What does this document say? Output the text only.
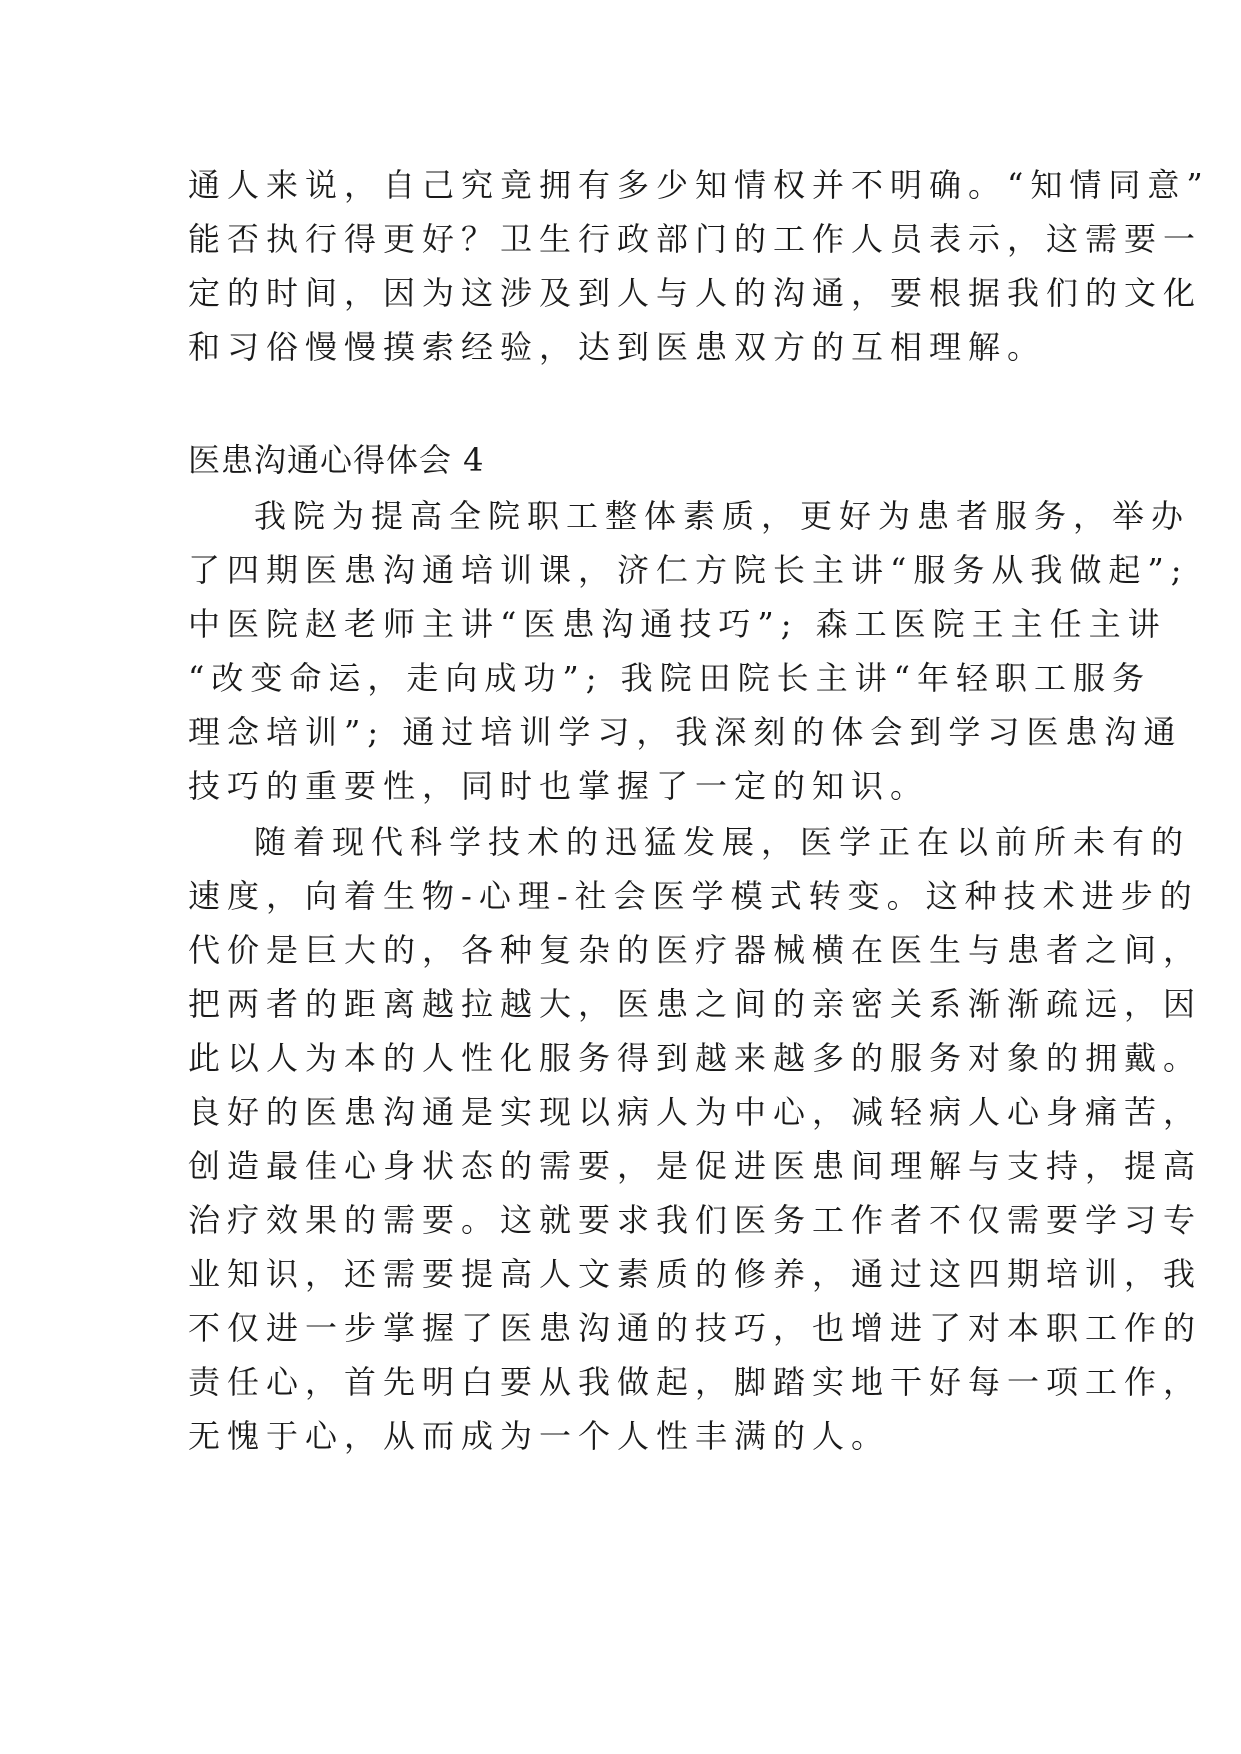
通人来说，自己究竟拥有多少知情权并不明确。“知情同意”
能否执行得更好？卫生行政部门的工作人员表示，这需要一
定的时间，因为这涉及到人与人的沟通，要根据我们的文化
和习俗慢慢摸索经验，达到医患双方的互相理解。
医患沟通心得体会 4
我院为提高全院职工整体素质，更好为患者服务，举办
了四期医患沟通培训课，济仁方院长主讲“服务从我做起”;
中医院赵老师主讲“医患沟通技巧”; 森工医院王主任主讲
“改变命运，走向成功”; 我院田院长主讲“年轻职工服务
理念培训”; 通过培训学习，我深刻的体会到学习医患沟通
技巧的重要性，同时也掌握了一定的知识。
随着现代科学技术的迅猛发展，医学正在以前所未有的
速度，向着生物-心理-社会医学模式转变。这种技术进步的
代价是巨大的，各种复杂的医疗器械横在医生与患者之间，
把两者的距离越拉越大，医患之间的亲密关系渐渐疏远，因
此以人为本的人性化服务得到越来越多的服务对象的拥戴。
良好的医患沟通是实现以病人为中心，减轻病人心身痛苦，
创造最佳心身状态的需要，是促进医患间理解与支持，提高
治疗效果的需要。这就要求我们医务工作者不仅需要学习专
业知识，还需要提高人文素质的修养，通过这四期培训，我
不仅进一步掌握了医患沟通的技巧，也增进了对本职工作的
责任心，首先明白要从我做起，脚踏实地干好每一项工作，
无愧于心，从而成为一个人性丰满的人。
